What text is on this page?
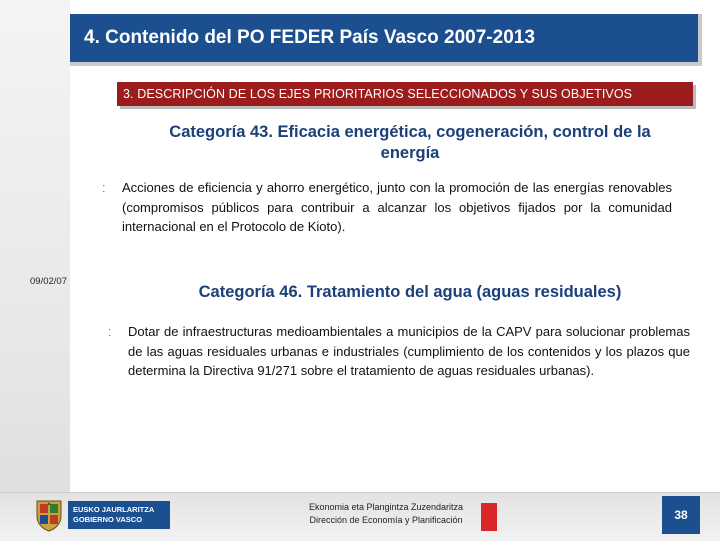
4. Contenido del PO FEDER País Vasco 2007-2013
3. DESCRIPCIÓN DE LOS EJES PRIORITARIOS SELECCIONADOS Y SUS OBJETIVOS
Categoría 43. Eficacia energética, cogeneración, control de la energía
ː	Acciones de eficiencia y ahorro energético, junto con la promoción de las energías renovables (compromisos públicos para contribuir a alcanzar los objetivos fijados por la comunidad internacional en el Protocolo de Kioto).
09/02/07
Categoría 46. Tratamiento del agua (aguas residuales)
ː	Dotar de infraestructuras medioambientales a municipios de la CAPV para solucionar problemas de las aguas residuales urbanas e industriales (cumplimiento de los contenidos y los plazos que determina la Directiva 91/271 sobre el tratamiento de aguas residuales urbanas).
EUSKO JAURLARITZA
GOBIERNO VASCO
Ekonomia eta Plangintza Zuzendaritza
Dirección de Economía y Planificación	38
